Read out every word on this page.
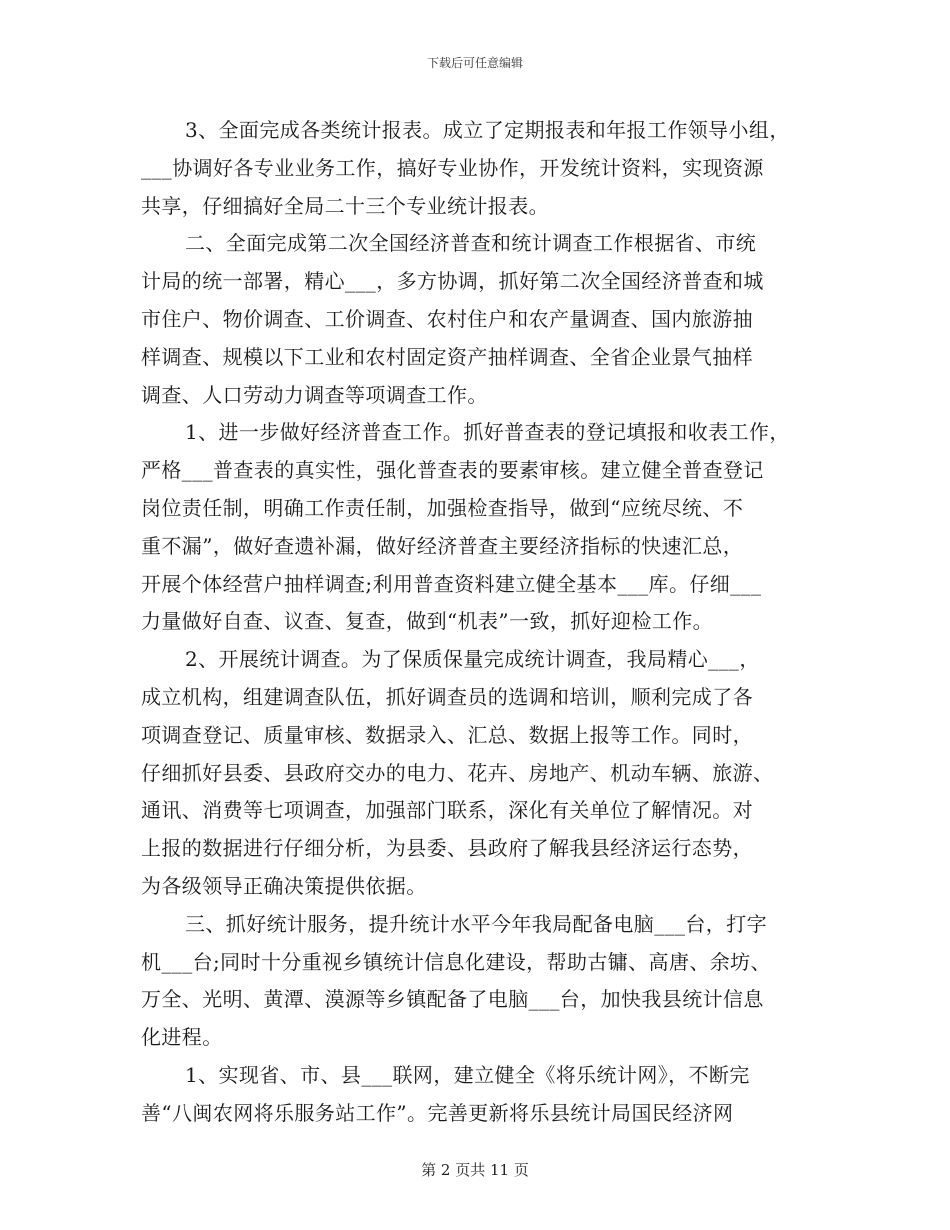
下载后可任意编辑
3、全面完成各类统计报表。成立了定期报表和年报工作领导小组，
___协调好各专业业务工作，搞好专业协作，开发统计资料，实现资源
共享，仔细搞好全局二十三个专业统计报表。
二、全面完成第二次全国经济普查和统计调查工作根据省、市统
计局的统一部署，精心___，多方协调，抓好第二次全国经济普查和城
市住户、物价调查、工价调查、农村住户和农产量调查、国内旅游抽
样调查、规模以下工业和农村固定资产抽样调查、全省企业景气抽样
调查、人口劳动力调查等项调查工作。
1、进一步做好经济普查工作。抓好普查表的登记填报和收表工作，
严格___普查表的真实性，强化普查表的要素审核。建立健全普查登记
岗位责任制，明确工作责任制，加强检查指导，做到“应统尽统、不
重不漏”，做好查遗补漏，做好经济普查主要经济指标的快速汇总，
开展个体经营户抽样调查;利用普查资料建立健全基本___库。仔细___
力量做好自查、议查、复查，做到“机表”一致，抓好迎检工作。
2、开展统计调查。为了保质保量完成统计调查，我局精心___，
成立机构，组建调查队伍，抓好调查员的选调和培训，顺利完成了各
项调查登记、质量审核、数据录入、汇总、数据上报等工作。同时，
仔细抓好县委、县政府交办的电力、花卉、房地产、机动车辆、旅游、
通讯、消费等七项调查，加强部门联系，深化有关单位了解情况。对
上报的数据进行仔细分析，为县委、县政府了解我县经济运行态势，
为各级领导正确决策提供依据。
三、抓好统计服务，提升统计水平今年我局配备电脑___台，打字
机___台;同时十分重视乡镇统计信息化建设，帮助古镛、高唐、余坊、
万全、光明、黄潭、漠源等乡镇配备了电脑___台，加快我县统计信息
化进程。
1、实现省、市、县___联网，建立健全《将乐统计网》，不断完
善“八闽农网将乐服务站工作”。完善更新将乐县统计局国民经济网
第 2 页共 11 页
